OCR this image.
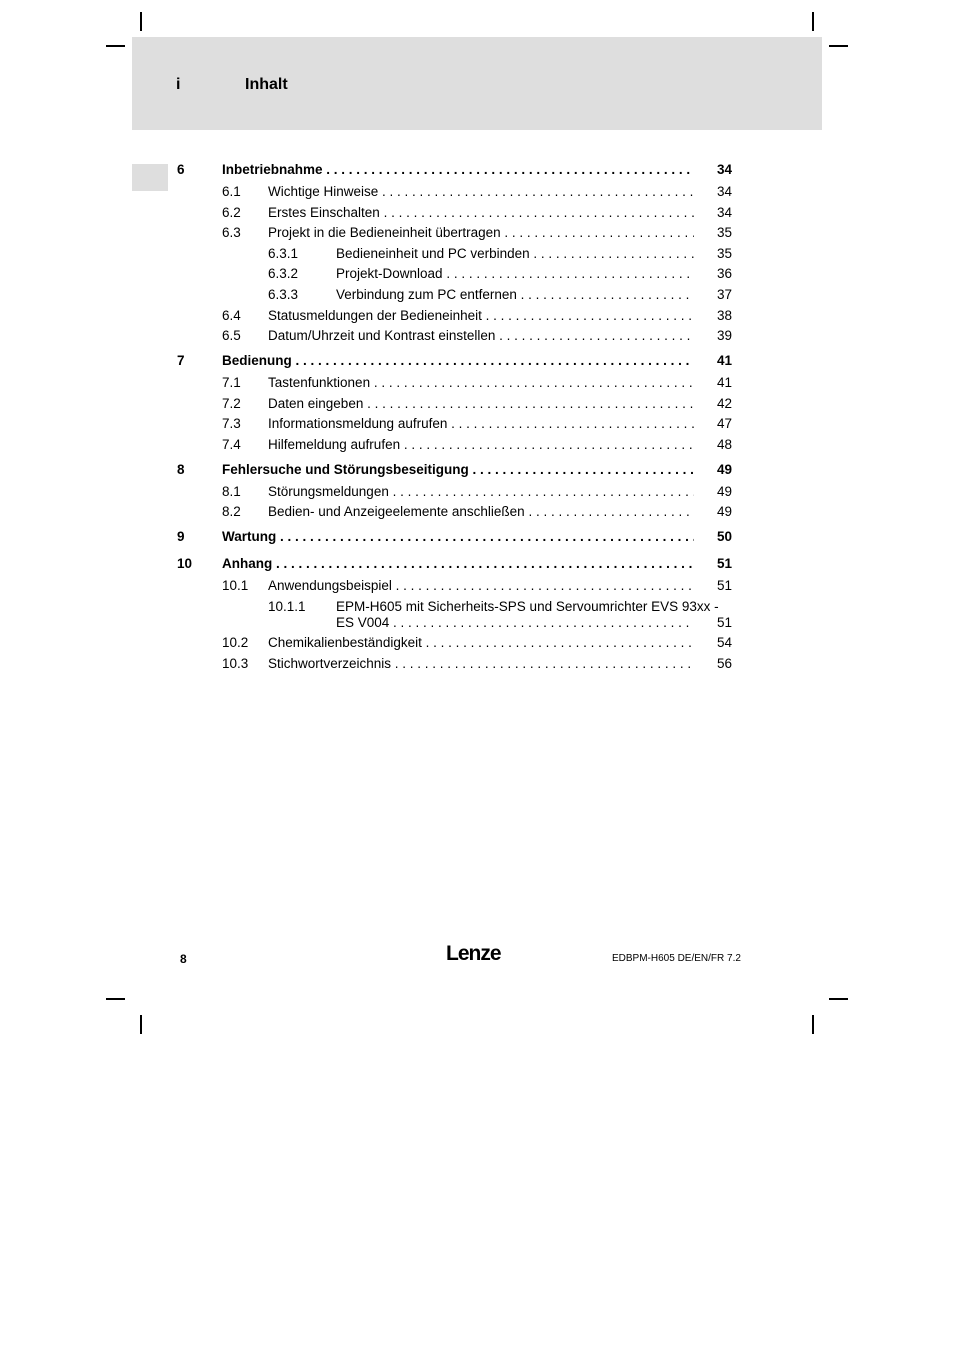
i	Inhalt
6	Inbetriebnahme . . .	34
6.1 Wichtige Hinweise . . .	34
6.2 Erstes Einschalten . . .	34
6.3 Projekt in die Bedieneinheit übertragen . . .	35
6.3.1	Bedieneinheit und PC verbinden . . .	35
6.3.2	Projekt-Download . . .	36
6.3.3	Verbindung zum PC entfernen . . .	37
6.4 Statusmeldungen der Bedieneinheit . . .	38
6.5 Datum/Uhrzeit und Kontrast einstellen . . .	39
7	Bedienung . . .	41
7.1 Tastenfunktionen . . .	41
7.2 Daten eingeben . . .	42
7.3 Informationsmeldung aufrufen . . .	47
7.4 Hilfemeldung aufrufen . . .	48
8	Fehlersuche und Störungsbeseitigung . . .	49
8.1 Störungsmeldungen . . .	49
8.2 Bedien- und Anzeigeelemente anschließen . . .	49
9	Wartung . . .	50
10 Anhang . . .	51
10.1 Anwendungsbeispiel . . .	51
10.1.1 EPM-H605 mit Sicherheits-SPS und Servoumrichter EVS 93xx -
ES V004 . . .	51
10.2 Chemikalienbeständigkeit . . .	54
10.3 Stichwortverzeichnis . . .	56
8	Lenze	EDBPM-H605 DE/EN/FR 7.2
